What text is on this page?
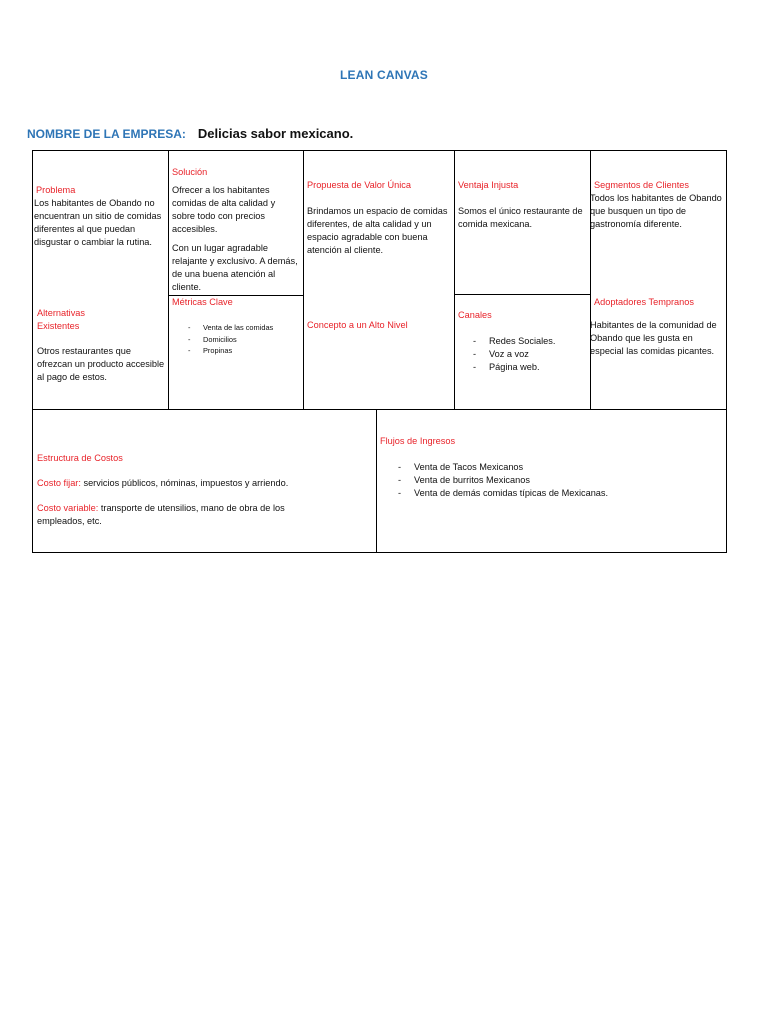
LEAN CANVAS
NOMBRE DE LA EMPRESA: Delicias sabor mexicano.
Problema
Los habitantes de Obando no encuentran un sitio de comidas diferentes al que puedan disgustar o cambiar la rutina.
Alternativas
Existentes
Otros restaurantes que ofrezcan un producto accesible al pago de estos.
Solución
Ofrecer a los habitantes comidas de alta calidad y sobre todo con precios accesibles.
Con un lugar agradable relajante y exclusivo. A demás, de una buena atención al cliente.
Métricas Clave
- Venta de las comidas
- Domicilios
- Propinas
Propuesta de Valor Única
Brindamos un espacio de comidas diferentes, de alta calidad y un espacio agradable con buena atención al cliente.
Concepto a un Alto Nivel
Ventaja Injusta
Somos el único restaurante de comida mexicana.
Canales
- Redes Sociales.
- Voz a voz
- Página web.
Segmentos de Clientes
Todos los habitantes de Obando que busquen un tipo de gastronomía diferente.
Adoptadores Tempranos
Habitantes de la comunidad de Obando que les gusta en especial las comidas picantes.
Estructura de Costos
Costo fijar: servicios públicos, nóminas, impuestos y arriendo.
Costo variable: transporte de utensilios, mano de obra de los empleados, etc.
Flujos de Ingresos
- Venta de Tacos Mexicanos
- Venta de burritos Mexicanos
- Venta de demás comidas típicas de Mexicanas.
